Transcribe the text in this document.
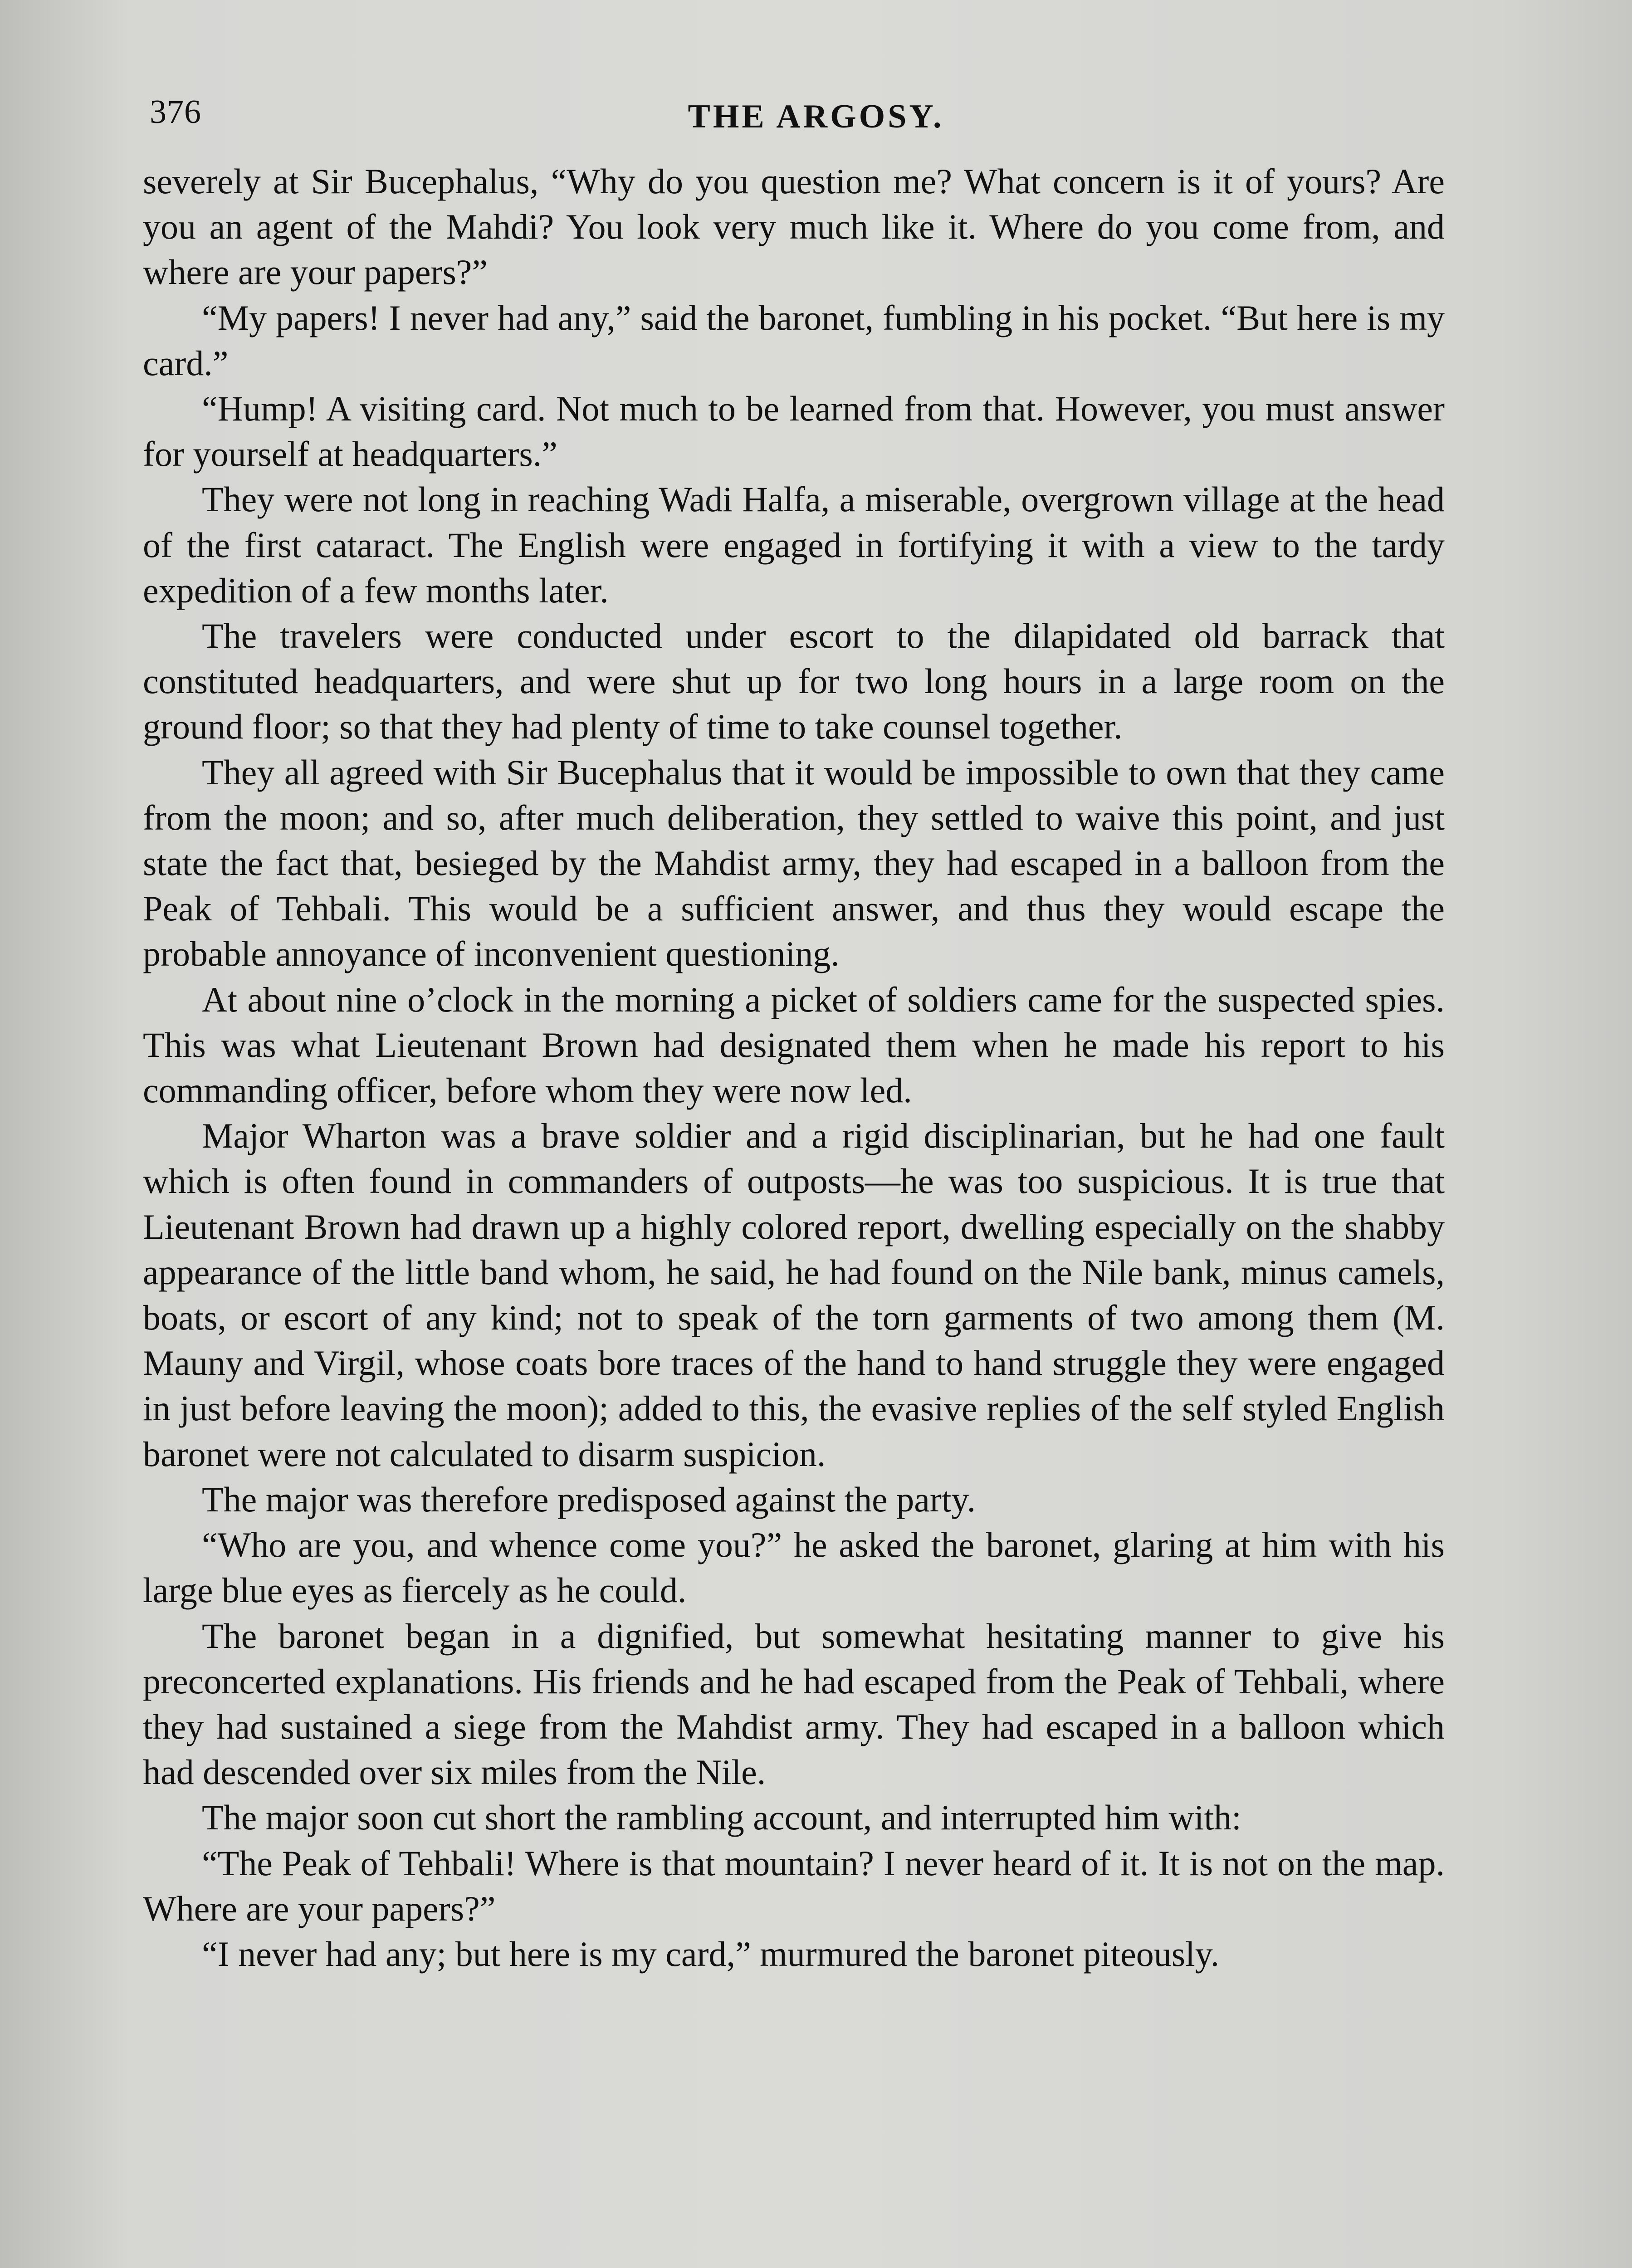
376	THE ARGOSY.

severely at Sir Bucephalus, “Why do you question me? What concern is it of yours? Are you an agent of the Mahdi? You look very much like it. Where do you come from, and where are your papers?”

“My papers! I never had any,” said the baronet, fumbling in his pocket. “But here is my card.”

“Hump! A visiting card. Not much to be learned from that. However, you must answer for yourself at headquarters.”

They were not long in reaching Wadi Halfa, a miserable, overgrown village at the head of the first cataract. The English were engaged in fortifying it with a view to the tardy expedition of a few months later.

The travelers were conducted under escort to the dilapidated old barrack that constituted headquarters, and were shut up for two long hours in a large room on the ground floor; so that they had plenty of time to take counsel together.

They all agreed with Sir Bucephalus that it would be impossible to own that they came from the moon; and so, after much deliberation, they settled to waive this point, and just state the fact that, besieged by the Mahdist army, they had escaped in a balloon from the Peak of Tehbali. This would be a sufficient answer, and thus they would escape the probable annoyance of inconvenient questioning.

At about nine o’clock in the morning a picket of soldiers came for the suspected spies. This was what Lieutenant Brown had designated them when he made his report to his commanding officer, before whom they were now led.

Major Wharton was a brave soldier and a rigid disciplinarian, but he had one fault which is often found in commanders of outposts—he was too suspicious. It is true that Lieutenant Brown had drawn up a highly colored report, dwelling especially on the shabby appearance of the little band whom, he said, he had found on the Nile bank, minus camels, boats, or escort of any kind; not to speak of the torn garments of two among them (M. Mauny and Virgil, whose coats bore traces of the hand to hand struggle they were engaged in just before leaving the moon); added to this, the evasive replies of the self styled English baronet were not calculated to disarm suspicion.

The major was therefore predisposed against the party.

“Who are you, and whence come you?” he asked the baronet, glaring at him with his large blue eyes as fiercely as he could.

The baronet began in a dignified, but somewhat hesitating manner to give his preconcerted explanations. His friends and he had escaped from the Peak of Tehbali, where they had sustained a siege from the Mahdist army. They had escaped in a balloon which had descended over six miles from the Nile.

The major soon cut short the rambling account, and interrupted him with:

“The Peak of Tehbali! Where is that mountain? I never heard of it. It is not on the map. Where are your papers?”

“I never had any; but here is my card,” murmured the baronet piteously.
